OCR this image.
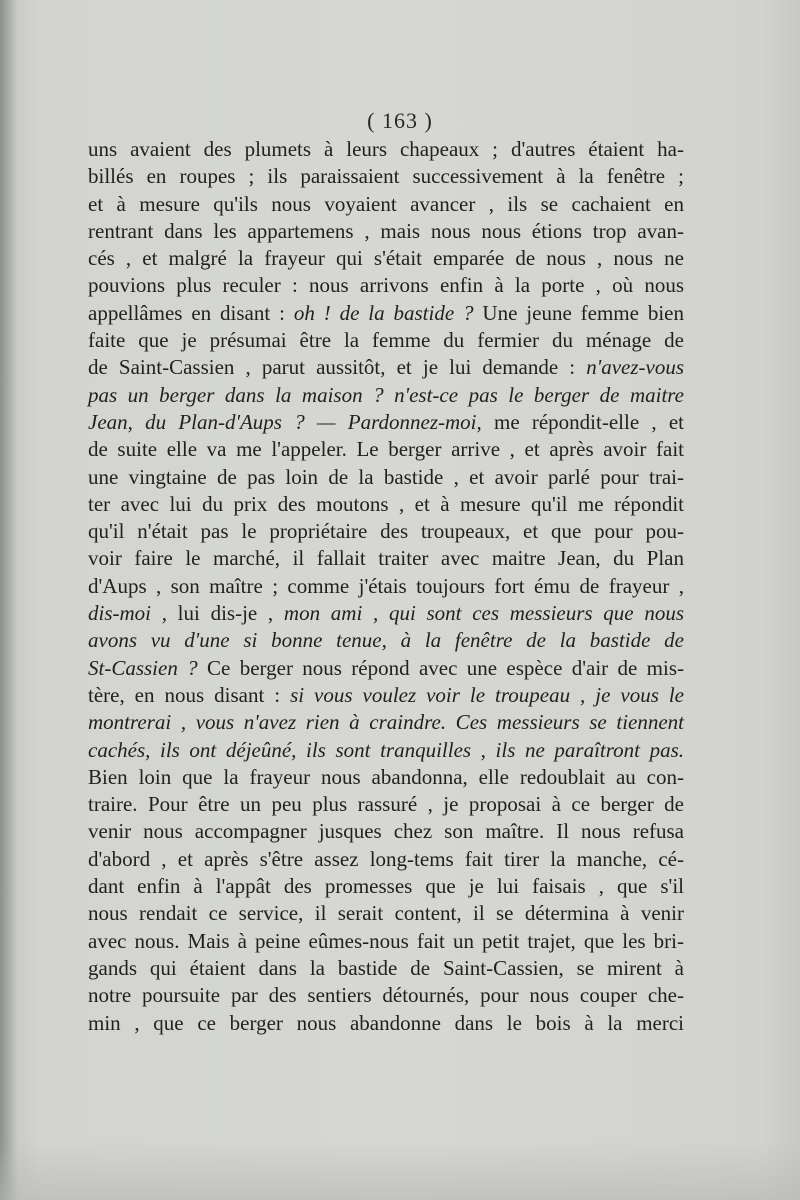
( 163 )
uns avaient des plumets à leurs chapeaux ; d'autres étaient ha-
billés en roupes ; ils paraissaient successivement à la fenêtre ;
et à mesure qu'ils nous voyaient avancer , ils se cachaient en
rentrant dans les appartemens , mais nous nous étions trop avan-
cés , et malgré la frayeur qui s'était emparée de nous , nous ne
pouvions plus reculer : nous arrivons enfin à la porte , où nous
appellâmes en disant : oh ! de la bastide ? Une jeune femme bien
faite que je présumai être la femme du fermier du ménage de
de Saint-Cassien , parut aussitôt, et je lui demande : n'avez-vous
pas un berger dans la maison ? n'est-ce pas le berger de maitre
Jean, du Plan-d'Aups ? — Pardonnez-moi, me répondit-elle , et
de suite elle va me l'appeler. Le berger arrive , et après avoir fait
une vingtaine de pas loin de la bastide , et avoir parlé pour trai-
ter avec lui du prix des moutons , et à mesure qu'il me répondit
qu'il n'était pas le propriétaire des troupeaux, et que pour pou-
voir faire le marché, il fallait traiter avec maitre Jean, du Plan
d'Aups , son maître ; comme j'étais toujours fort ému de frayeur ,
dis-moi , lui dis-je , mon ami , qui sont ces messieurs que nous
avons vu d'une si bonne tenue, à la fenêtre de la bastide de
St-Cassien ? Ce berger nous répond avec une espèce d'air de mis-
tère, en nous disant : si vous voulez voir le troupeau , je vous le
montrerai , vous n'avez rien à craindre. Ces messieurs se tiennent
cachés, ils ont déjeûné, ils sont tranquilles , ils ne paraîtront pas.
Bien loin que la frayeur nous abandonna, elle redoublait au con-
traire. Pour être un peu plus rassuré , je proposai à ce berger de
venir nous accompagner jusques chez son maître. Il nous refusa
d'abord , et après s'être assez long-tems fait tirer la manche, cé-
dant enfin à l'appât des promesses que je lui faisais , que s'il
nous rendait ce service, il serait content, il se détermina à venir
avec nous. Mais à peine eûmes-nous fait un petit trajet, que les bri-
gands qui étaient dans la bastide de Saint-Cassien, se mirent à
notre poursuite par des sentiers détournés, pour nous couper che-
min , que ce berger nous abandonne dans le bois à la merci
